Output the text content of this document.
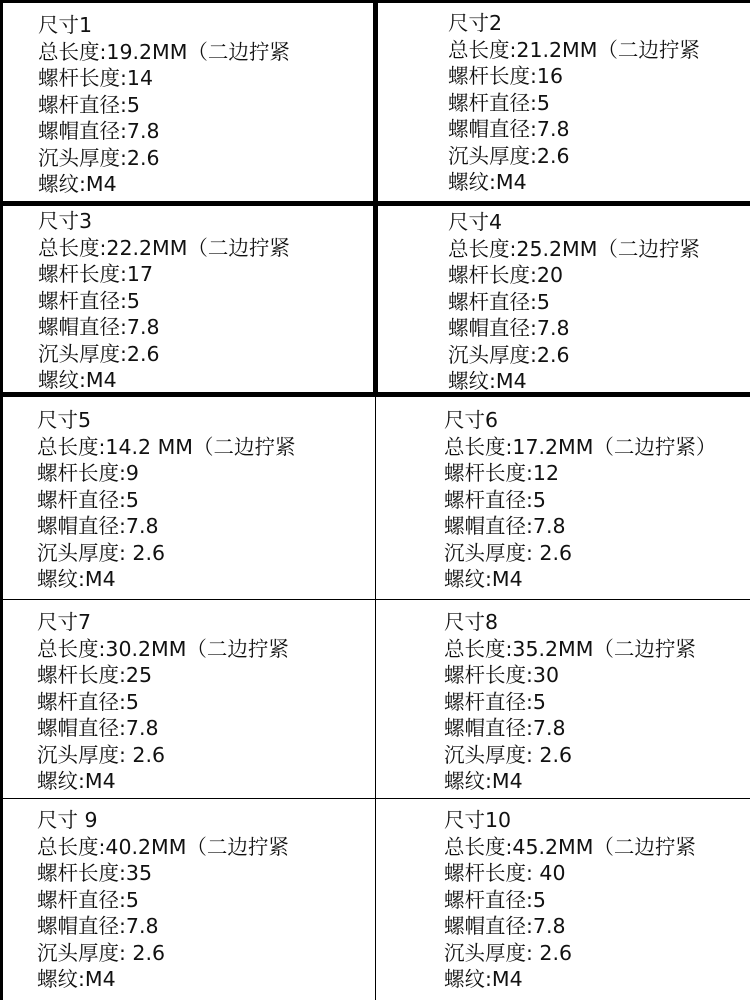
尺寸1
总长度:19.2MM（二边拧紧
螺杆长度:14
螺杆直径:5
螺帽直径:7.8
沉头厚度:2.6
螺纹:M4
尺寸2
总长度:21.2MM（二边拧紧
螺杆长度:16
螺杆直径:5
螺帽直径:7.8
沉头厚度:2.6
螺纹:M4
尺寸3
总长度:22.2MM（二边拧紧
螺杆长度:17
螺杆直径:5
螺帽直径:7.8
沉头厚度:2.6
螺纹:M4
尺寸4
总长度:25.2MM（二边拧紧
螺杆长度:20
螺杆直径:5
螺帽直径:7.8
沉头厚度:2.6
螺纹:M4
尺寸5
总长度:14.2 MM（二边拧紧
螺杆长度:9
螺杆直径:5
螺帽直径:7.8
沉头厚度: 2.6
螺纹:M4
尺寸6
总长度:17.2MM（二边拧紧）
螺杆长度:12
螺杆直径:5
螺帽直径:7.8
沉头厚度: 2.6
螺纹:M4
尺寸7
总长度:30.2MM（二边拧紧
螺杆长度:25
螺杆直径:5
螺帽直径:7.8
沉头厚度: 2.6
螺纹:M4
尺寸8
总长度:35.2MM（二边拧紧
螺杆长度:30
螺杆直径:5
螺帽直径:7.8
沉头厚度: 2.6
螺纹:M4
尺寸 9
总长度:40.2MM（二边拧紧
螺杆长度:35
螺杆直径:5
螺帽直径:7.8
沉头厚度: 2.6
螺纹:M4
尺寸10
总长度:45.2MM（二边拧紧
螺杆长度: 40
螺杆直径:5
螺帽直径:7.8
沉头厚度: 2.6
螺纹:M4
